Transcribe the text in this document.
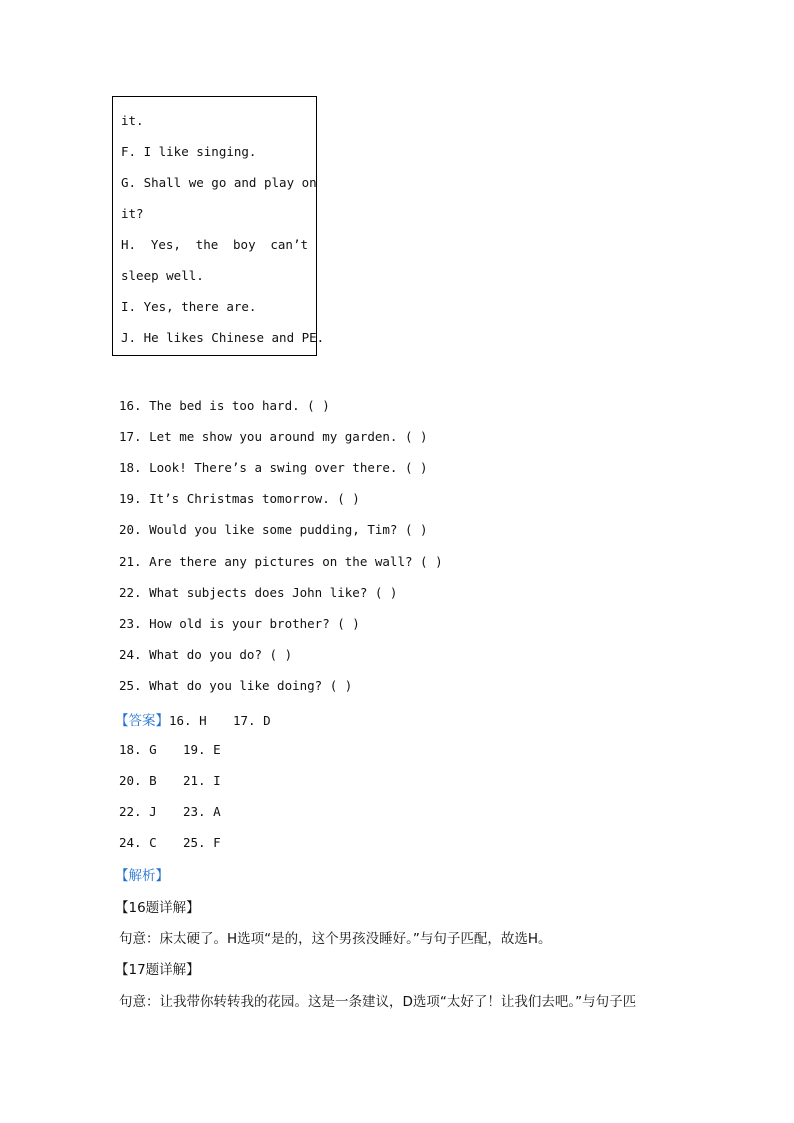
it.
F. I like singing.
G. Shall we go and play on
it?
H. Yes, the boy can’t
sleep well.
I. Yes, there are.
J. He likes Chinese and PE.
16. The bed is too hard. ( )
17. Let me show you around my garden. ( )
18. Look! There’s a swing over there. ( )
19. It’s Christmas tomorrow. ( )
20. Would you like some pudding, Tim? ( )
21. Are there any pictures on the wall? ( )
22. What subjects does John like? ( )
23. How old is your brother? ( )
24. What do you do? ( )
25. What do you like doing? ( )
【答案】16. H 17. D
18. G 19. E
20. B 21. I
22. J 23. A
24. C 25. F
【解析】
【16题详解】
句意：床太硬了。H选项“是的，这个男孩没睡好。”与句子匹配，故选H。
【17题详解】
句意：让我带你转转我的花园。这是一条建议，D选项“太好了！让我们去吧。”与句子匹
